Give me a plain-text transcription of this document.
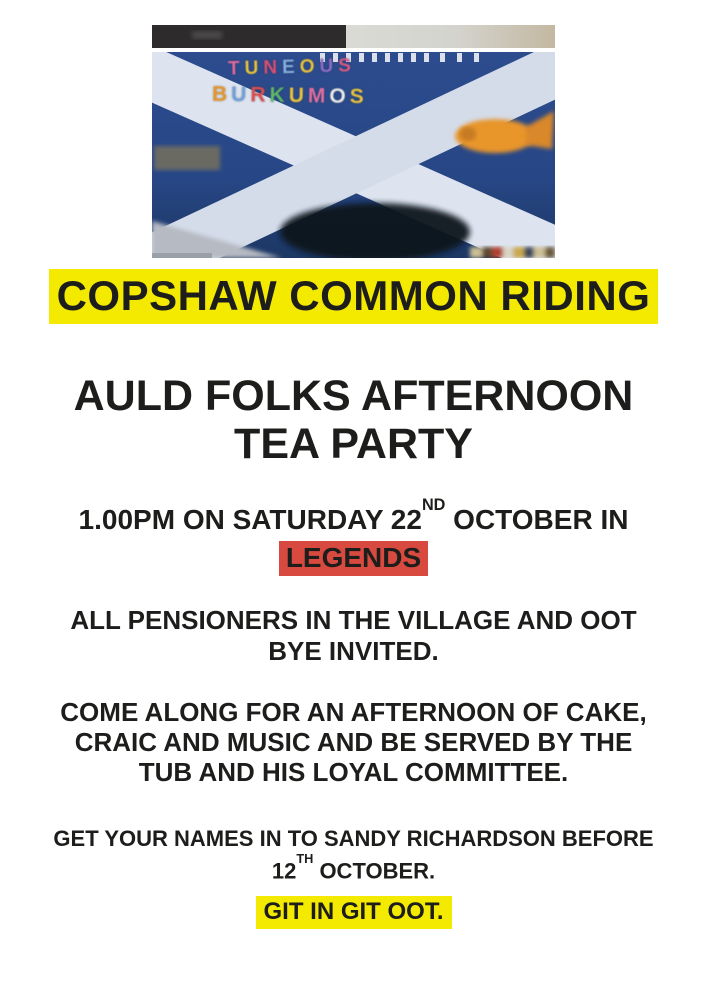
TUNEOUS
BURKUMOS
COPSHAW COMMON RIDING
AULD FOLKS AFTERNOON
TEA PARTY
1.00PM ON SATURDAY 22ND OCTOBER IN
LEGENDS
ALL PENSIONERS IN THE VILLAGE AND OOT
BYE INVITED.
COME ALONG FOR AN AFTERNOON OF CAKE,
CRAIC AND MUSIC AND BE SERVED BY THE
TUB AND HIS LOYAL COMMITTEE.
GET YOUR NAMES IN TO SANDY RICHARDSON BEFORE
12TH OCTOBER.
GIT IN GIT OOT.
